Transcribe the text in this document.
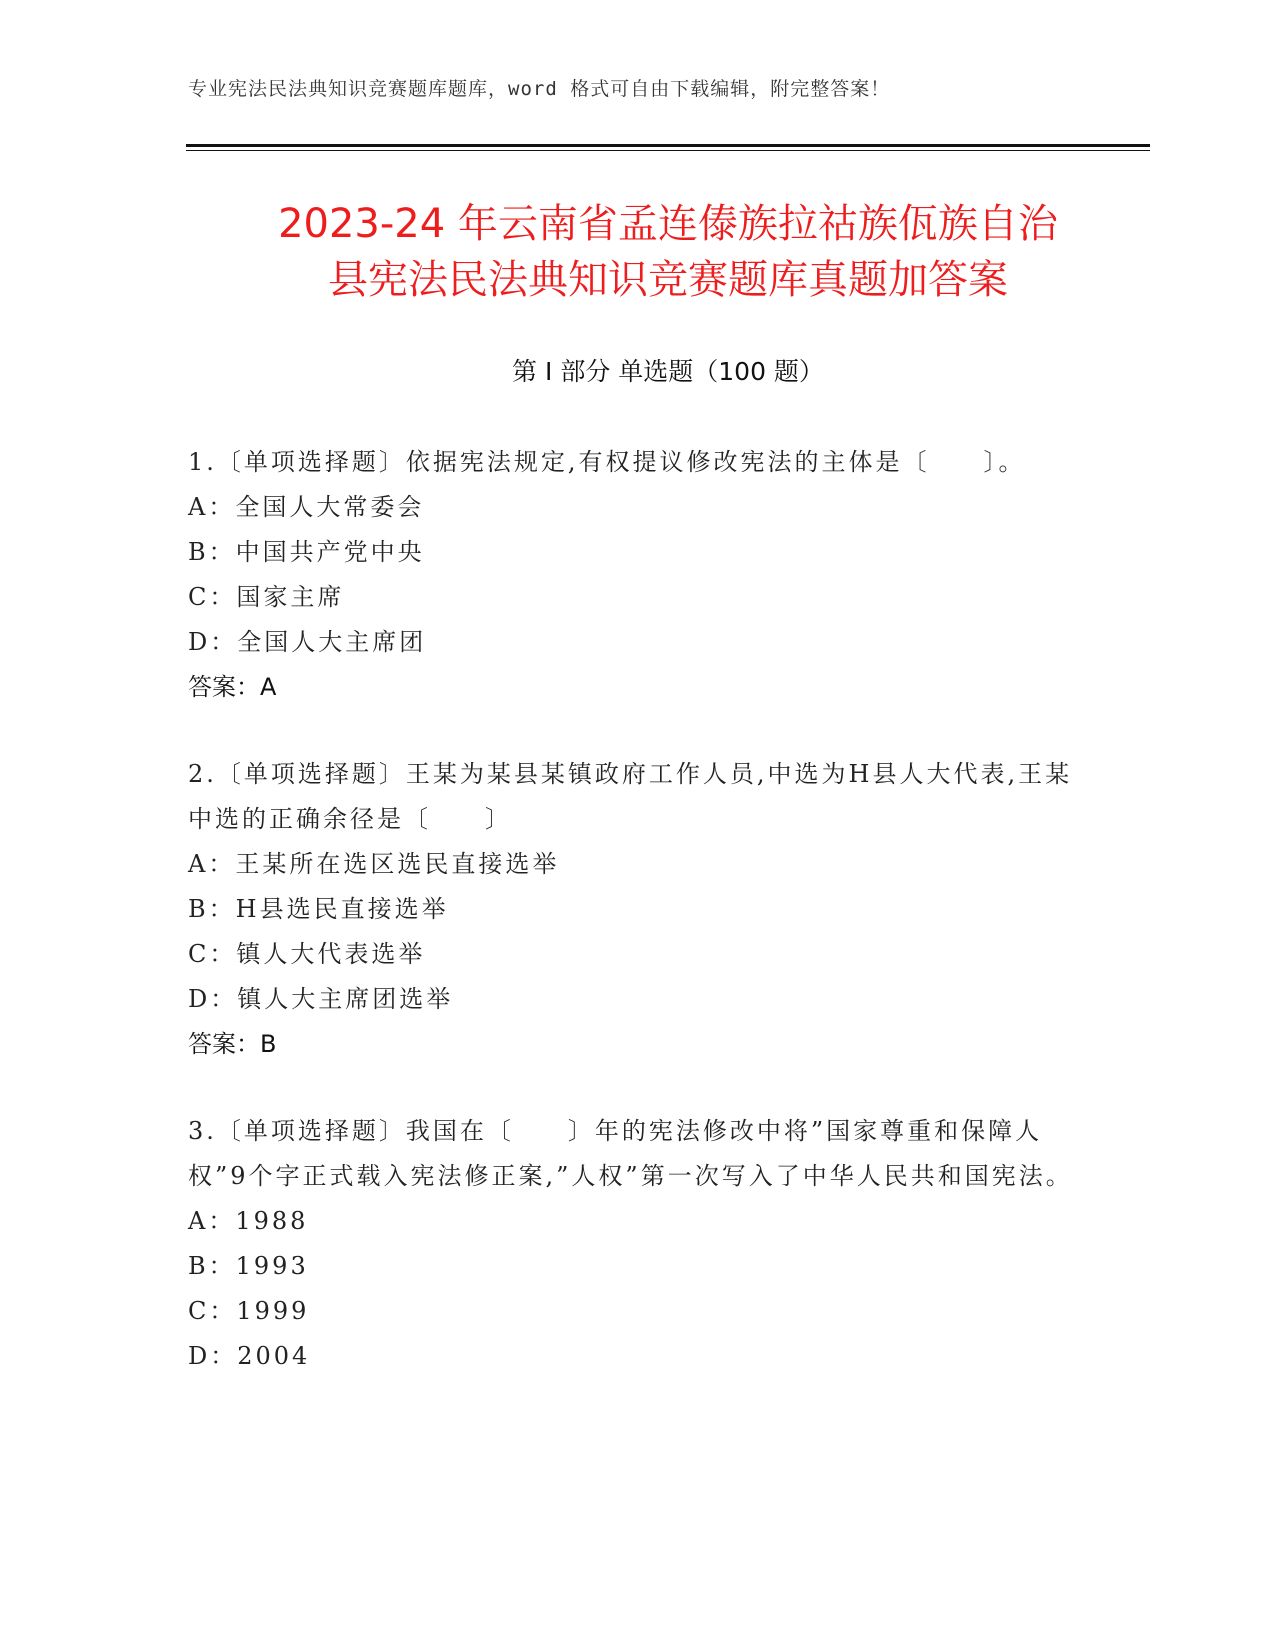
专业宪法民法典知识竞赛题库题库，word 格式可自由下载编辑，附完整答案！
2023-24 年云南省孟连傣族拉祜族佤族自治
县宪法民法典知识竞赛题库真题加答案
第 I 部分 单选题（100 题）

1.〔单项选择题〕依据宪法规定,有权提议修改宪法的主体是〔　　〕。

A：全国人大常委会
B：中国共产党中央
C：国家主席
D：全国人大主席团
答案：A

2.〔单项选择题〕王某为某县某镇政府工作人员,中选为H县人大代表,王某中选的正确余径是〔　　〕

A：王某所在选区选民直接选举
B：H县选民直接选举
C：镇人大代表选举
D：镇人大主席团选举
答案：B

3.〔单项选择题〕我国在〔　　〕年的宪法修改中将”国家尊重和保障人权”9个字正式载入宪法修正案,”人权”第一次写入了中华人民共和国宪法。

A：1988
B：1993
C：1999
D：2004
